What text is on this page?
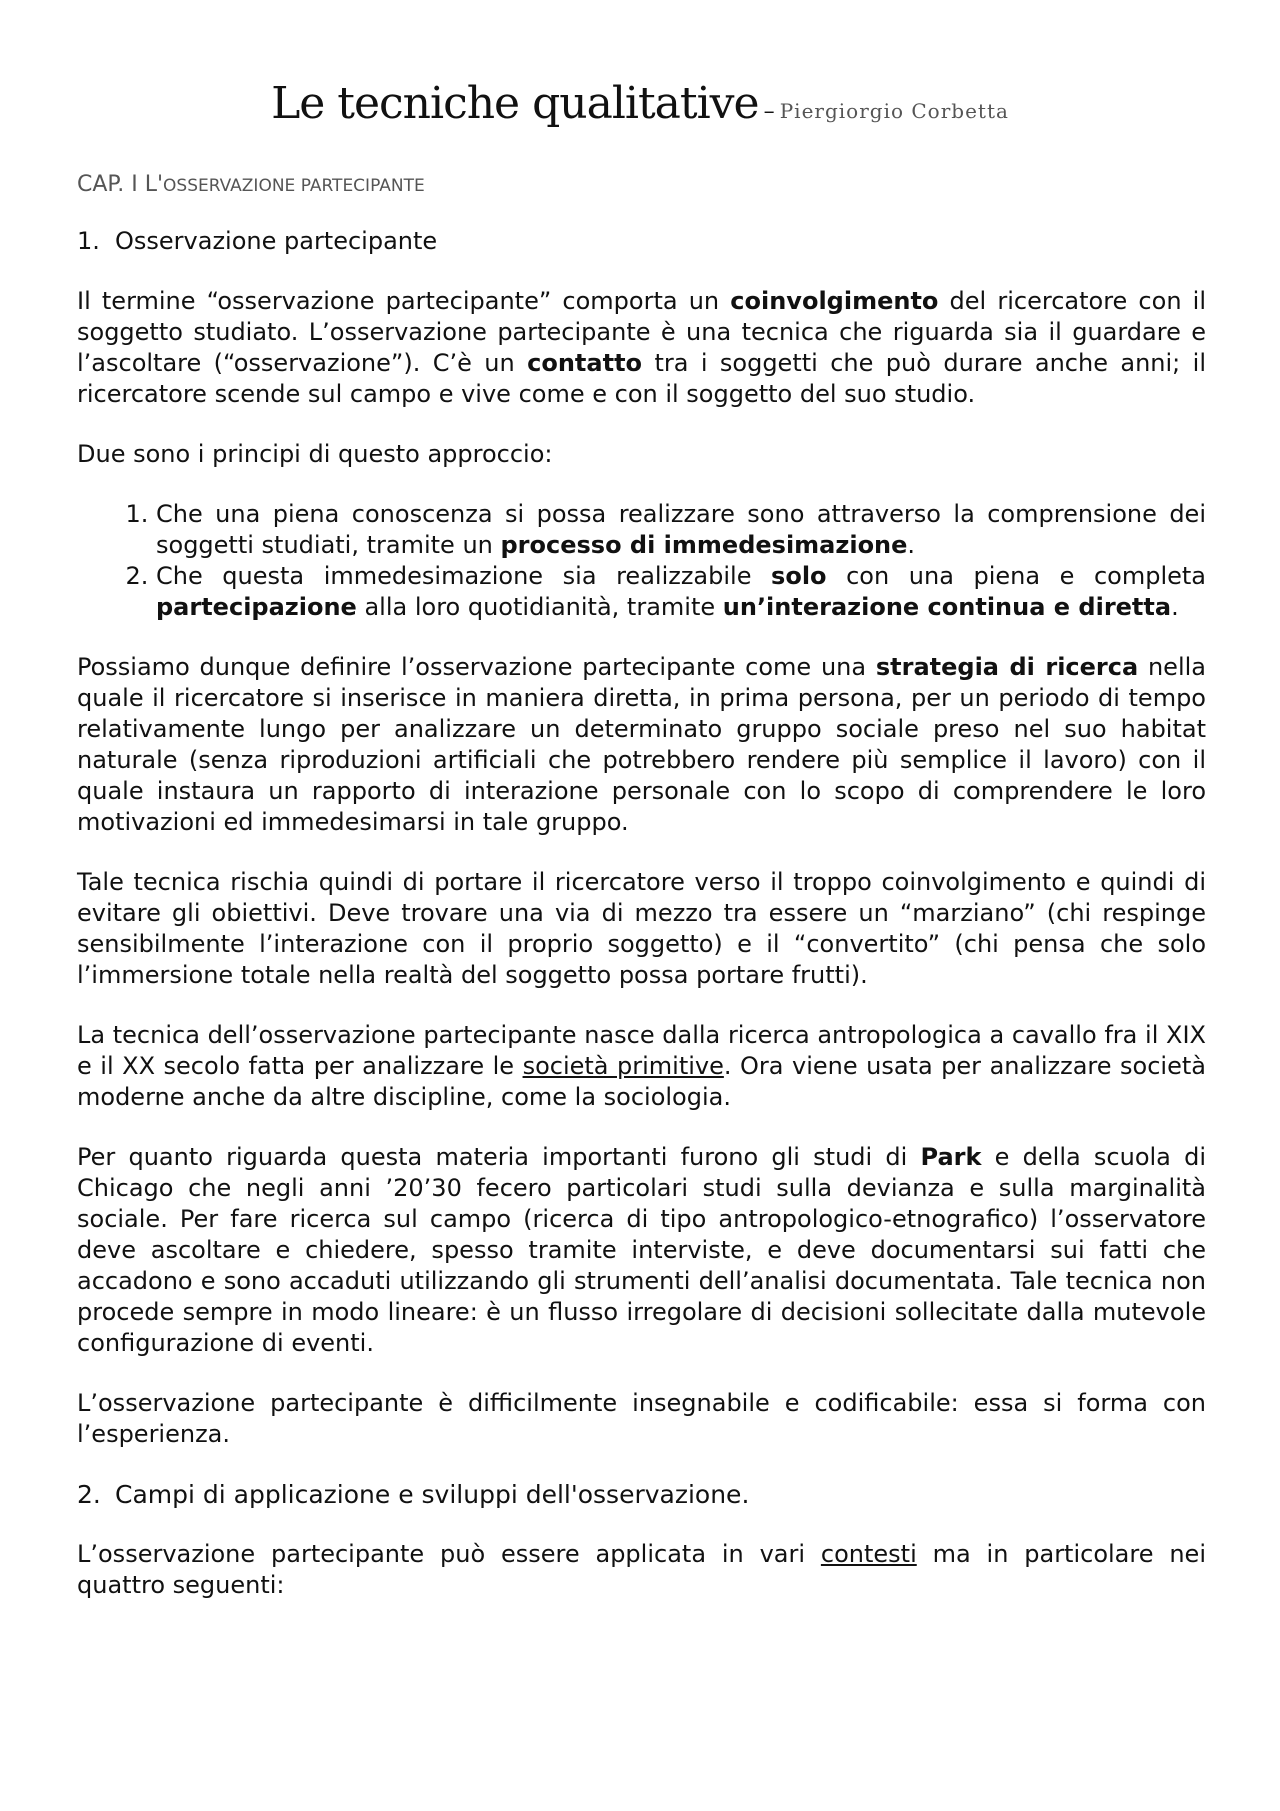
Le tecniche qualitative – Piergiorgio Corbetta
CAP. I L'OSSERVAZIONE PARTECIPANTE
1. Osservazione partecipante

Il termine “osservazione partecipante” comporta un coinvolgimento del ricercatore con il soggetto studiato. L’osservazione partecipante è una tecnica che riguarda sia il guardare e l’ascoltare (“osservazione”). C’è un contatto tra i soggetti che può durare anche anni; il ricercatore scende sul campo e vive come e con il soggetto del suo studio.

Due sono i principi di questo approccio:

1. Che una piena conoscenza si possa realizzare sono attraverso la comprensione dei soggetti studiati, tramite un processo di immedesimazione.
2. Che questa immedesimazione sia realizzabile solo con una piena e completa partecipazione alla loro quotidianità, tramite un’interazione continua e diretta.

Possiamo dunque definire l’osservazione partecipante come una strategia di ricerca nella quale il ricercatore si inserisce in maniera diretta, in prima persona, per un periodo di tempo relativamente lungo per analizzare un determinato gruppo sociale preso nel suo habitat naturale (senza riproduzioni artificiali che potrebbero rendere più semplice il lavoro) con il quale instaura un rapporto di interazione personale con lo scopo di comprendere le loro motivazioni ed immedesimarsi in tale gruppo.

Tale tecnica rischia quindi di portare il ricercatore verso il troppo coinvolgimento e quindi di evitare gli obiettivi. Deve trovare una via di mezzo tra essere un “marziano” (chi respinge sensibilmente l’interazione con il proprio soggetto) e il “convertito” (chi pensa che solo l’immersione totale nella realtà del soggetto possa portare frutti).

La tecnica dell’osservazione partecipante nasce dalla ricerca antropologica a cavallo fra il XIX e il XX secolo fatta per analizzare le società primitive. Ora viene usata per analizzare società moderne anche da altre discipline, come la sociologia.

Per quanto riguarda questa materia importanti furono gli studi di Park e della scuola di Chicago che negli anni ’20’30 fecero particolari studi sulla devianza e sulla marginalità sociale. Per fare ricerca sul campo (ricerca di tipo antropologico-etnografico) l’osservatore deve ascoltare e chiedere, spesso tramite interviste, e deve documentarsi sui fatti che accadono e sono accaduti utilizzando gli strumenti dell’analisi documentata. Tale tecnica non procede sempre in modo lineare: è un flusso irregolare di decisioni sollecitate dalla mutevole configurazione di eventi.

L’osservazione partecipante è difficilmente insegnabile e codificabile: essa si forma con l’esperienza.

2. Campi di applicazione e sviluppi dell'osservazione.

L’osservazione partecipante può essere applicata in vari contesti ma in particolare nei quattro seguenti:
